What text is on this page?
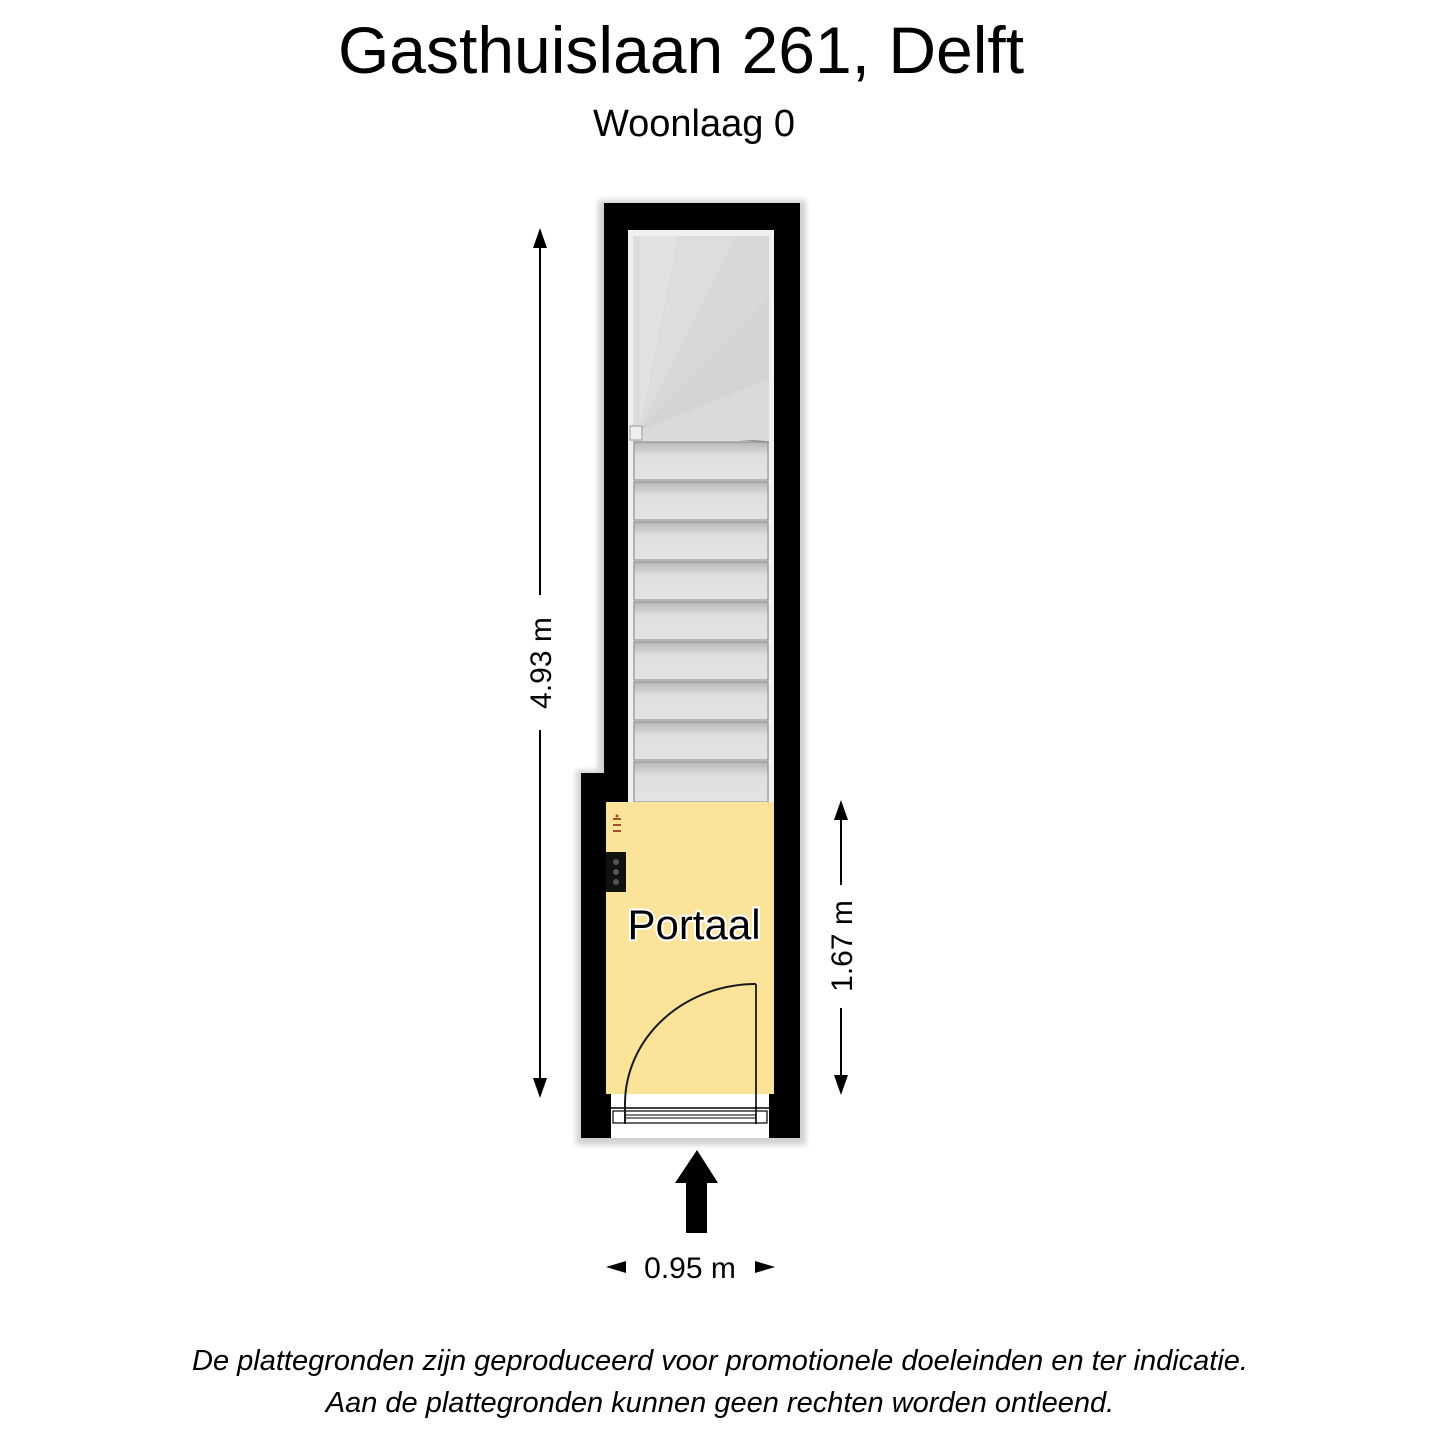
Gasthuislaan 261, Delft
Woonlaag 0
Portaal
4.93 m
1.67 m
0.95 m
De plattegronden zijn geproduceerd voor promotionele doeleinden en ter indicatie.
Aan de plattegronden kunnen geen rechten worden ontleend.
